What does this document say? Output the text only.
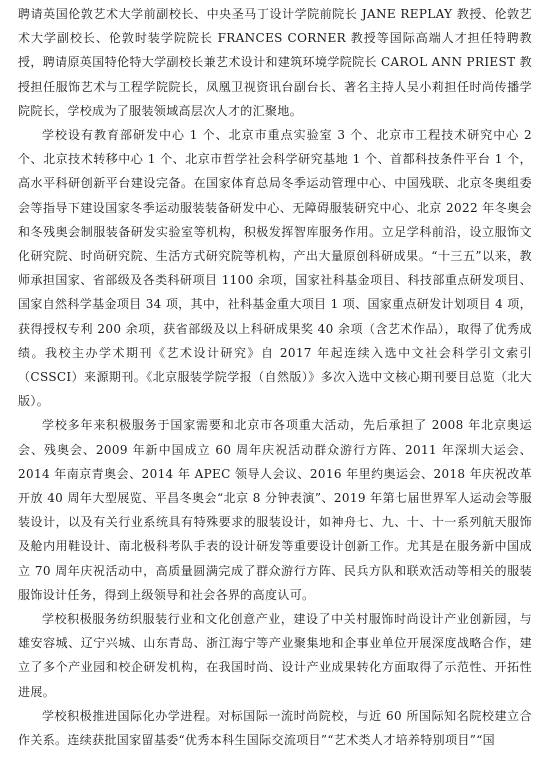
聘请英国伦敦艺术大学前副校长、中央圣马丁设计学院前院长 JANE REPLAY 教授、伦敦艺术大学副校长、伦敦时装学院院长 FRANCES CORNER 教授等国际高端人才担任特聘教授，聘请原英国特伦特大学副校长兼艺术设计和建筑环境学院院长 CAROL ANN PRIEST 教授担任服饰艺术与工程学院院长，凤凰卫视资讯台副台长、著名主持人吴小莉担任时尚传播学院院长，学校成为了服装领域高层次人才的汇聚地。

学校设有教育部研发中心 1 个、北京市重点实验室 3 个、北京市工程技术研究中心 2 个、北京技术转移中心 1 个、北京市哲学社会科学研究基地 1 个、首都科技条件平台 1 个，高水平科研创新平台建设完备。在国家体育总局冬季运动管理中心、中国残联、北京冬奥组委会等指导下建设国家冬季运动服装装备研发中心、无障碍服装研究中心、北京 2022 年冬奥会和冬残奥会制服装备研发实验室等机构，积极发挥智库服务作用。立足学科前沿，设立服饰文化研究院、时尚研究院、生活方式研究院等机构，产出大量原创科研成果。“十三五”以来，教师承担国家、省部级及各类科研项目 1100 余项，国家社科基金项目、科技部重点研发项目、国家自然科学基金项目 34 项，其中，社科基金重大项目 1 项、国家重点研发计划项目 4 项，获得授权专利 200 余项，获省部级及以上科研成果奖 40 余项（含艺术作品），取得了优秀成绩。我校主办学术期刊《艺术设计研究》自 2017 年起连续入选中文社会科学引文索引（CSSCI）来源期刊。《北京服装学院学报（自然版）》多次入选中文核心期刊要目总览（北大版）。

学校多年来积极服务于国家需要和北京市各项重大活动，先后承担了 2008 年北京奥运会、残奥会、2009 年新中国成立 60 周年庆祝活动群众游行方阵、2011 年深圳大运会、2014 年南京青奥会、2014 年 APEC 领导人会议、2016 年里约奥运会、2018 年庆祝改革开放 40 周年大型展览、平昌冬奥会“北京 8 分钟表演”、2019 年第七届世界军人运动会等服装设计，以及有关行业系统具有特殊要求的服装设计，如神舟七、九、十、十一系列航天服饰及舱内用鞋设计、南北极科考队手表的设计研发等重要设计创新工作。尤其是在服务新中国成立 70 周年庆祝活动中，高质量圆满完成了群众游行方阵、民兵方队和联欢活动等相关的服装服饰设计任务，得到上级领导和社会各界的高度认可。

学校积极服务纺织服装行业和文化创意产业，建设了中关村服饰时尚设计产业创新园，与雄安容城、辽宁兴城、山东青岛、浙江海宁等产业聚集地和企事业单位开展深度战略合作，建立了多个产业园和校企研发机构，在我国时尚、设计产业成果转化方面取得了示范性、开拓性进展。

学校积极推进国际化办学进程。对标国际一流时尚院校，与近 60 所国际知名院校建立合作关系。连续获批国家留基委“优秀本科生国际交流项目”“艺术类人才培养特别项目”“国
